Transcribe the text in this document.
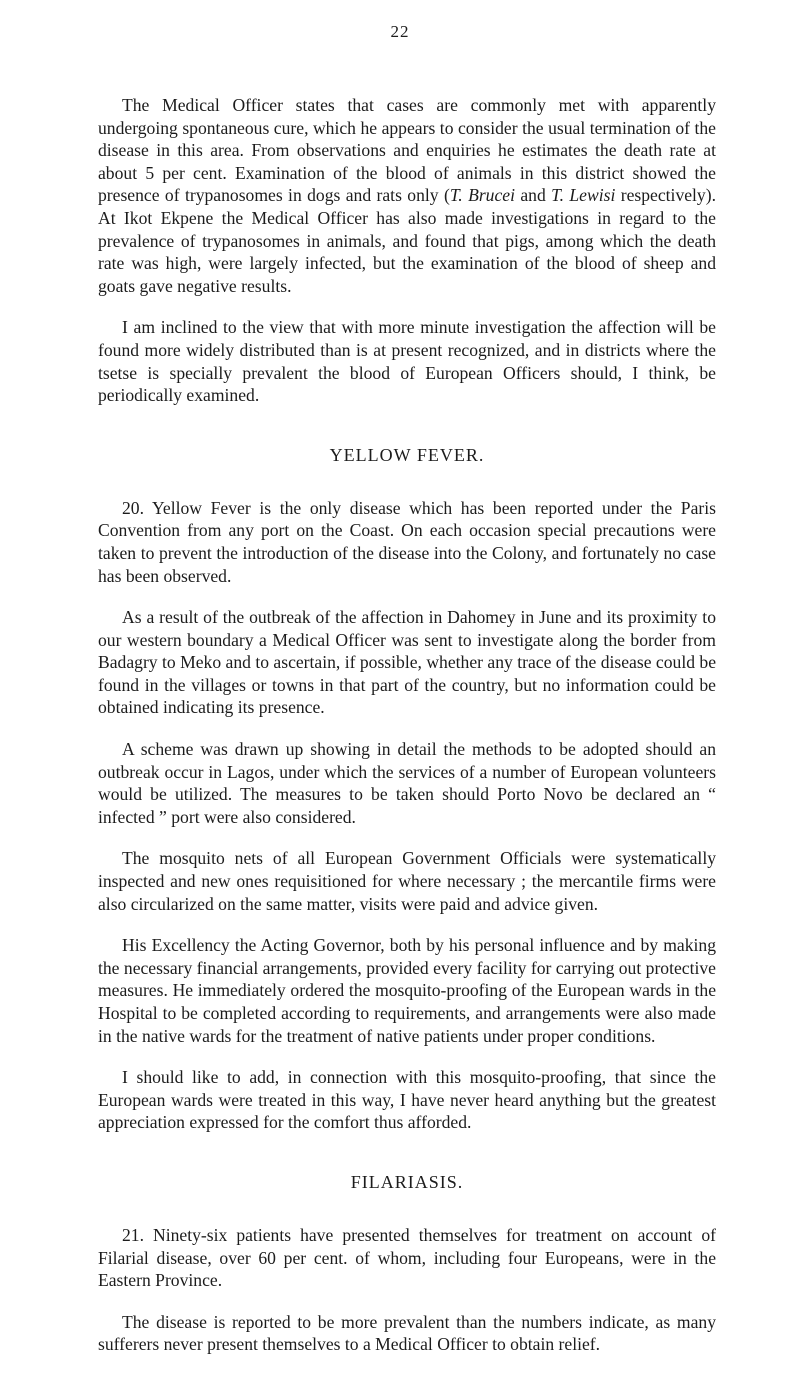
22

The Medical Officer states that cases are commonly met with apparently undergoing spontaneous cure, which he appears to consider the usual termination of the disease in this area. From observations and enquiries he estimates the death rate at about 5 per cent. Examination of the blood of animals in this district showed the presence of trypanosomes in dogs and rats only (T. Brucei and T. Lewisi respectively). At Ikot Ekpene the Medical Officer has also made investigations in regard to the prevalence of trypanosomes in animals, and found that pigs, among which the death rate was high, were largely infected, but the examination of the blood of sheep and goats gave negative results.

I am inclined to the view that with more minute investigation the affection will be found more widely distributed than is at present recognized, and in districts where the tsetse is specially prevalent the blood of European Officers should, I think, be periodically examined.

YELLOW FEVER.

20. Yellow Fever is the only disease which has been reported under the Paris Convention from any port on the Coast. On each occasion special precautions were taken to prevent the introduction of the disease into the Colony, and fortunately no case has been observed.

As a result of the outbreak of the affection in Dahomey in June and its proximity to our western boundary a Medical Officer was sent to investigate along the border from Badagry to Meko and to ascertain, if possible, whether any trace of the disease could be found in the villages or towns in that part of the country, but no information could be obtained indicating its presence.

A scheme was drawn up showing in detail the methods to be adopted should an outbreak occur in Lagos, under which the services of a number of European volunteers would be utilized. The measures to be taken should Porto Novo be declared an “ infected ” port were also considered.

The mosquito nets of all European Government Officials were systematically inspected and new ones requisitioned for where necessary ; the mercantile firms were also circularized on the same matter, visits were paid and advice given.

His Excellency the Acting Governor, both by his personal influence and by making the necessary financial arrangements, provided every facility for carrying out protective measures. He immediately ordered the mosquito-proofing of the European wards in the Hospital to be completed according to requirements, and arrangements were also made in the native wards for the treatment of native patients under proper conditions.

I should like to add, in connection with this mosquito-proofing, that since the European wards were treated in this way, I have never heard anything but the greatest appreciation expressed for the comfort thus afforded.

FILARIASIS.

21. Ninety-six patients have presented themselves for treatment on account of Filarial disease, over 60 per cent. of whom, including four Europeans, were in the Eastern Province.

The disease is reported to be more prevalent than the numbers indicate, as many sufferers never present themselves to a Medical Officer to obtain relief.
